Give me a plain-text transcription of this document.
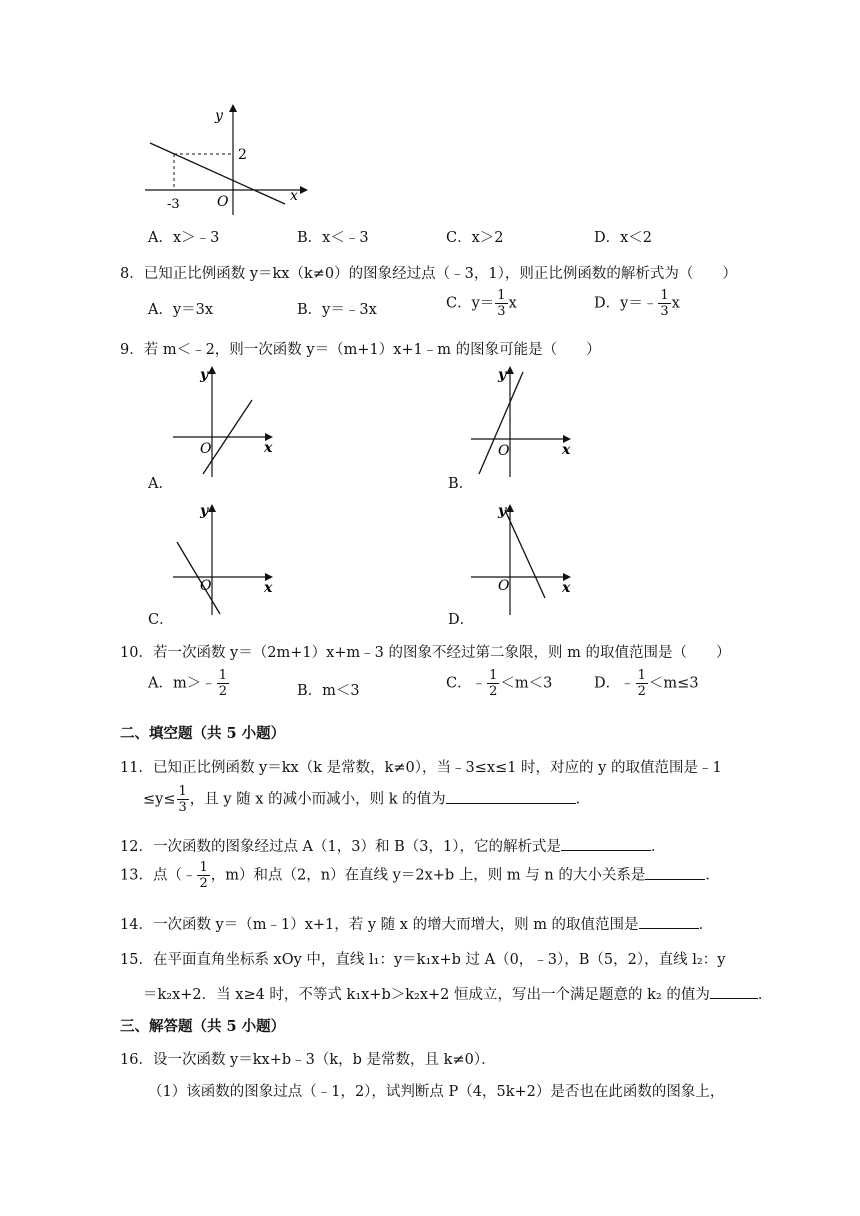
y
x
2
-3	O
A．x＞﹣3	B．x＜﹣3	C．x＞2	D．x＜2
8．已知正比例函数 y＝kx（k≠0）的图象经过点（﹣3，1），则正比例函数的解析式为（　　）
A．y＝3x	B．y＝﹣3x	C．$y= \frac{1}{3}$ x	D．y＝﹣ $\frac{1}{3}$ x
9．若 m＜﹣2，则一次函数 y＝（m+1）x+1﹣m 的图象可能是（　　）
y
x
O
A．
y
x
O
B．
y
x
O
C．
y
x
O
D．
10．若一次函数 y＝（2m+1）x+m﹣3 的图象不经过第二象限，则 m 的取值范围是（　　）
A．m＞﹣ $\frac{1}{2}$	B．m＜3	C．﹣ $\frac{1}{2} <m<3$	D．﹣ $\frac{1}{2} <m\le 3$
二、填空题（共 5 小题）
11．已知正比例函数 y＝kx（k 是常数，k≠0），当﹣3≤x≤1 时，对应的 y 的取值范围是﹣1
$\le y\le \frac{1}{3}$ ，且 y 随 x 的减小而减小，则 k 的值为	．
12．一次函数的图象经过点 A（1，3）和 B（3，1），它的解析式是	．
13．点（﹣ $\frac{1}{2}$ ，m）和点（2，n）在直线 y＝2x+b 上，则 m 与 n 的大小关系是	．
14．一次函数 y＝（m﹣1）x+1，若 y 随 x 的增大而增大，则 m 的取值范围是	．
15．在平面直角坐标系 xOy 中，直线 l₁：y＝k₁x+b 过 A（0，﹣3），B（5，2），直线 l₂：y
＝k₂x+2．当 x≥4 时，不等式 k₁x+b＞k₂x+2 恒成立，写出一个满足题意的 k₂ 的值为	．
三、解答题（共 5 小题）
16．设一次函数 y＝kx+b﹣3（k，b 是常数，且 k≠0）．
（1）该函数的图象过点（﹣1，2），试判断点 P（4，5k+2）是否也在此函数的图象上，
